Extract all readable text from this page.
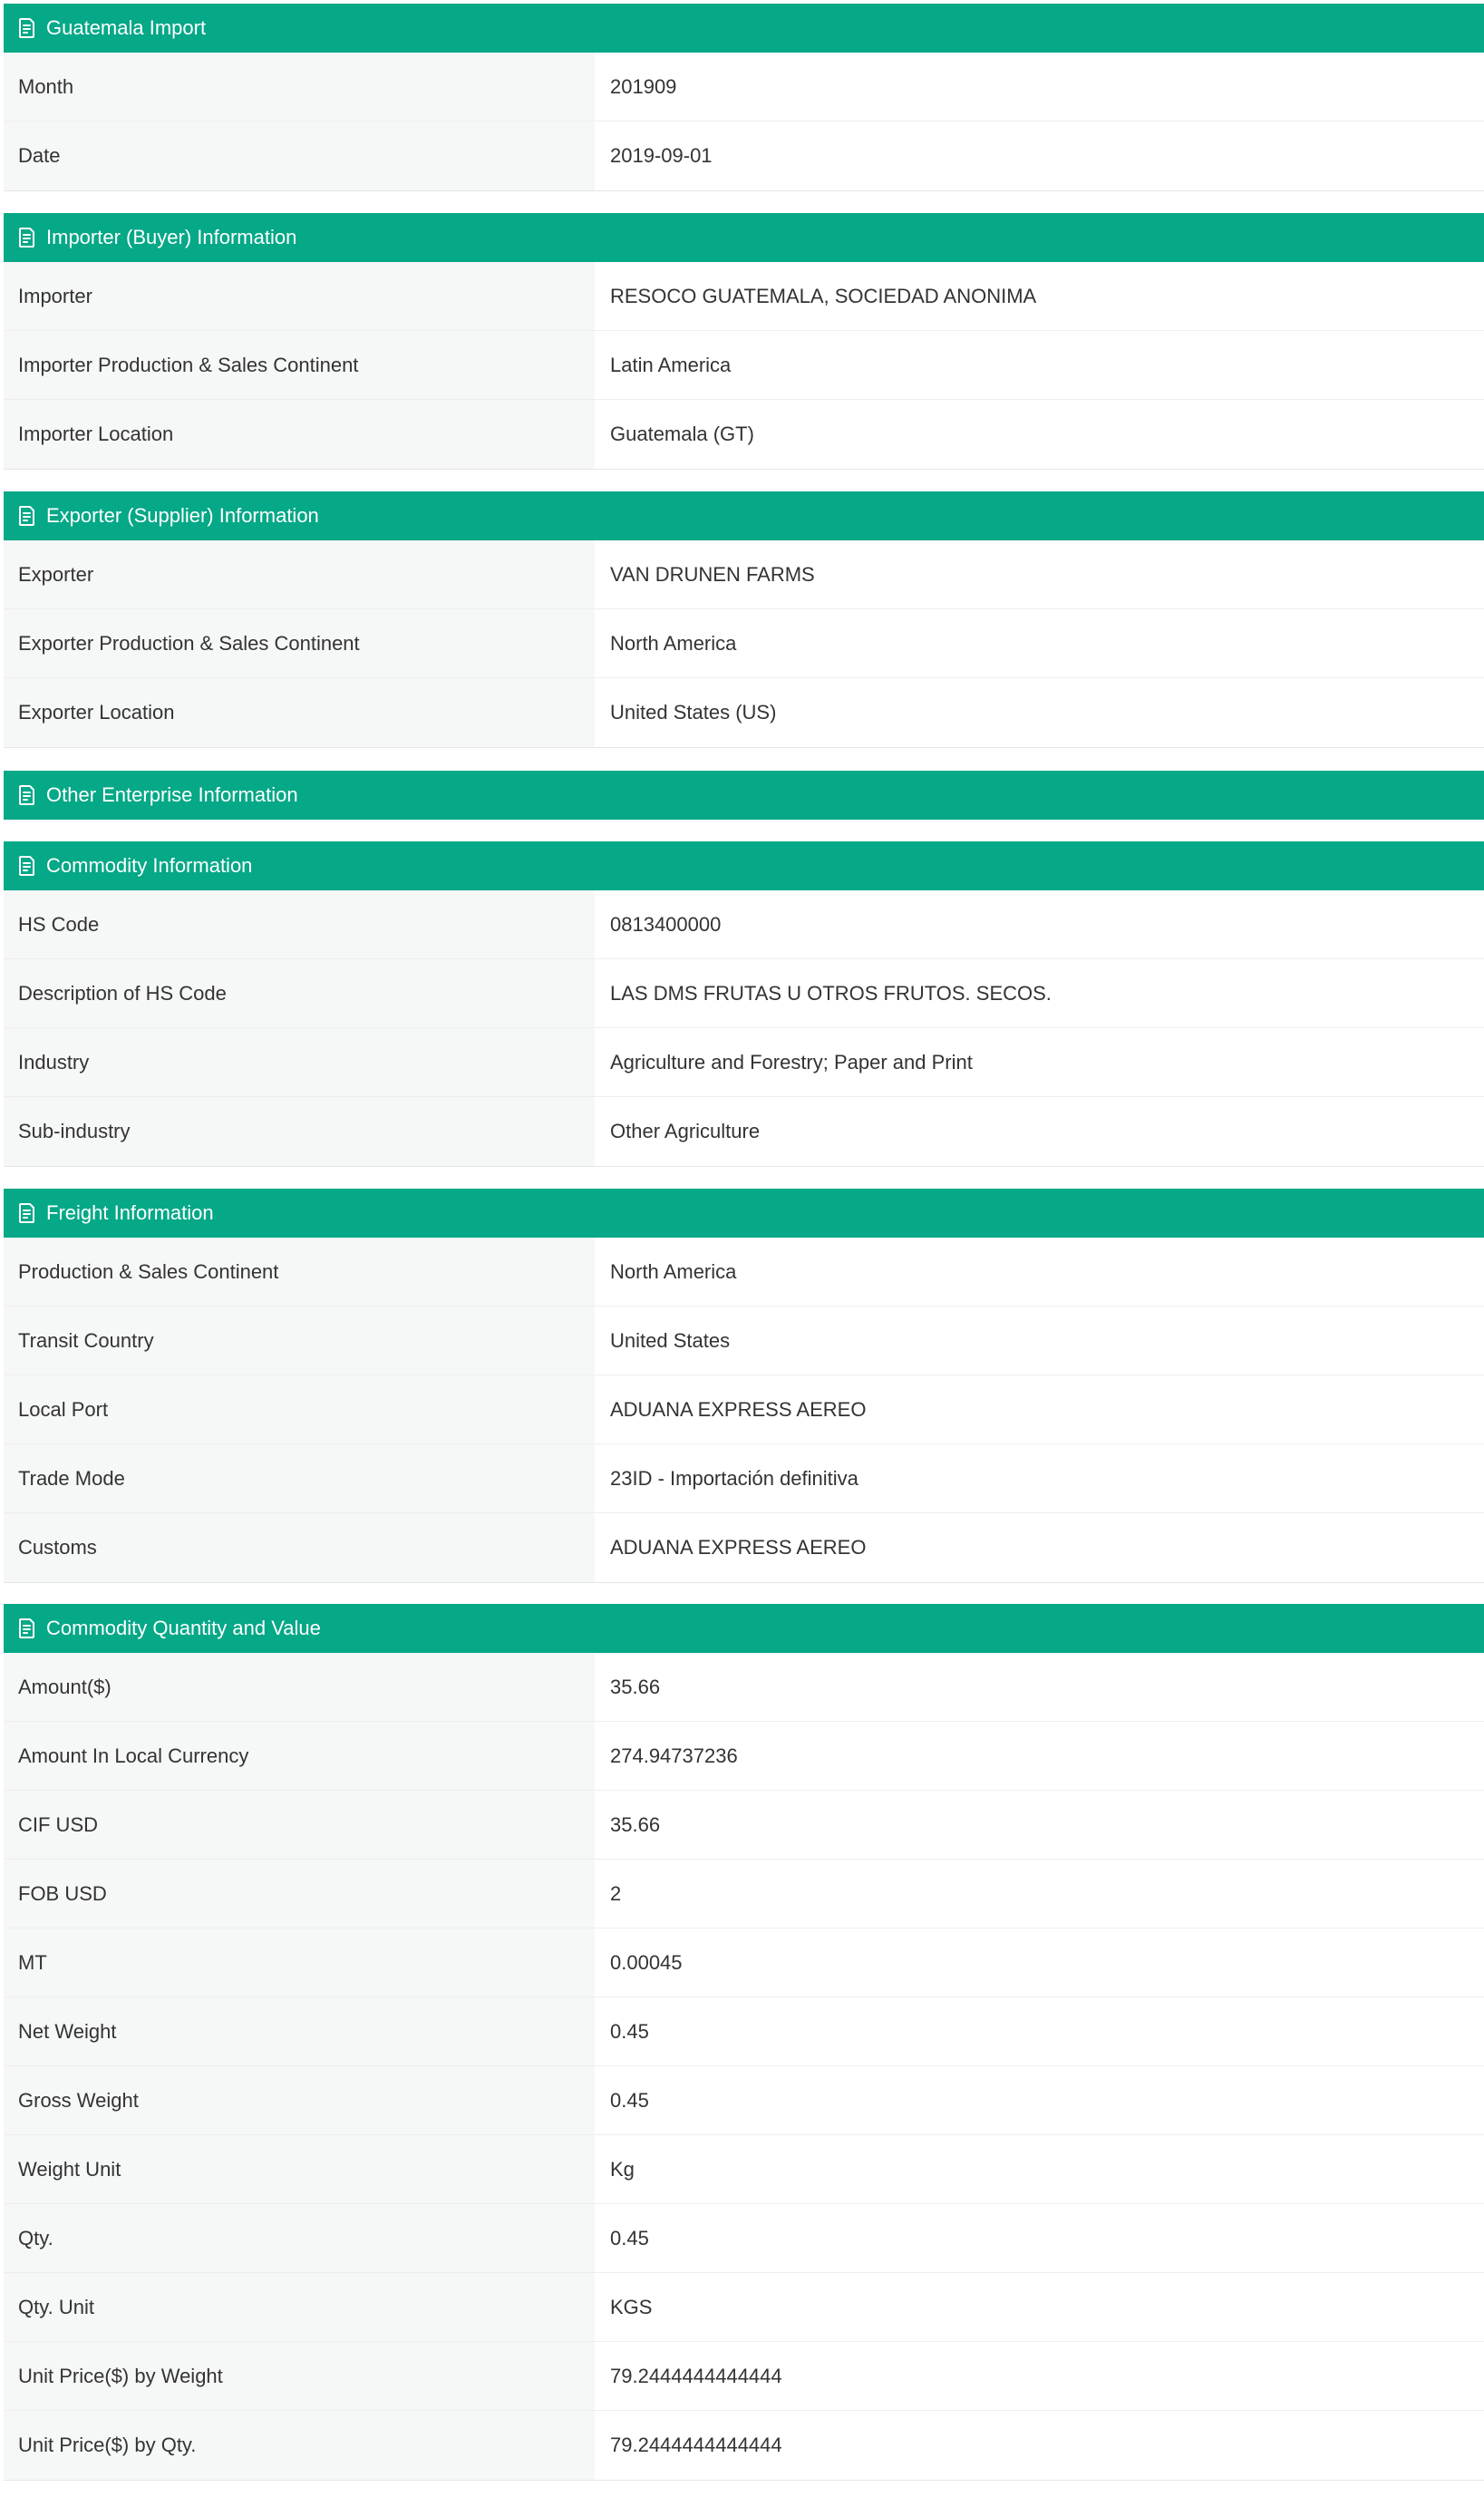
Guatemala Import
Month	201909
Date	2019-09-01
Importer (Buyer) Information
Importer	RESOCO GUATEMALA, SOCIEDAD ANONIMA
Importer Production & Sales Continent	Latin America
Importer Location	Guatemala (GT)
Exporter (Supplier) Information
Exporter	VAN DRUNEN FARMS
Exporter Production & Sales Continent	North America
Exporter Location	United States (US)
Other Enterprise Information
Commodity Information
HS Code	0813400000
Description of HS Code	LAS DMS FRUTAS U OTROS FRUTOS. SECOS.
Industry	Agriculture and Forestry; Paper and Print
Sub-industry	Other Agriculture
Freight Information
Production & Sales Continent	North America
Transit Country	United States
Local Port	ADUANA EXPRESS AEREO
Trade Mode	23ID - Importación definitiva
Customs	ADUANA EXPRESS AEREO
Commodity Quantity and Value
Amount($)	35.66
Amount In Local Currency	274.94737236
CIF USD	35.66
FOB USD	2
MT	0.00045
Net Weight	0.45
Gross Weight	0.45
Weight Unit	Kg
Qty.	0.45
Qty. Unit	KGS
Unit Price($) by Weight	79.2444444444444
Unit Price($) by Qty.	79.2444444444444
